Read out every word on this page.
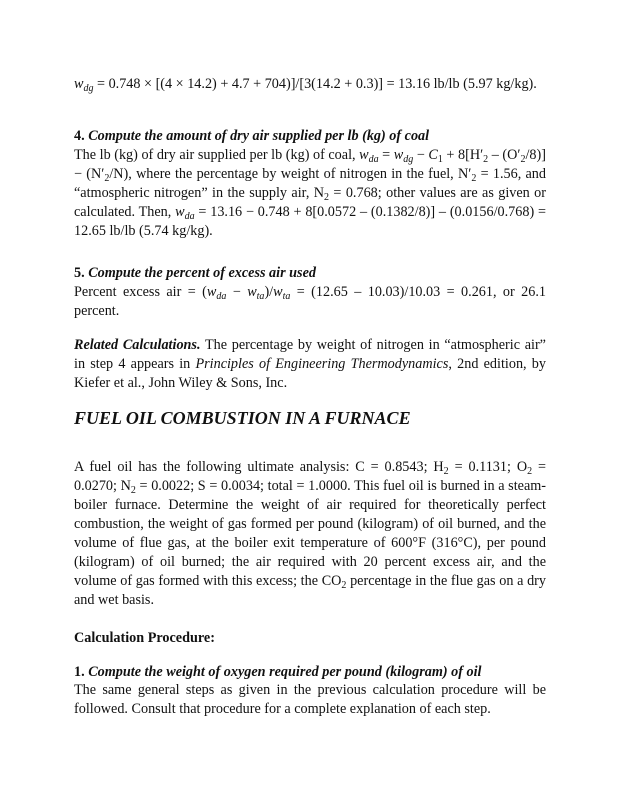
$w_{dg} = 0.748 \times [(4 \times 14.2) + 4.7 + 704)]/[3(14.2 + 0.3)] = 13.16$ lb/lb (5.97 kg/kg).
4. Compute the amount of dry air supplied per lb (kg) of coal
The lb (kg) of dry air supplied per lb (kg) of coal, $w_{da} = w_{dg} - C_1 + 8[H'_2 - (O'_2/8)] - (N'_2/N)$, where the percentage by weight of nitrogen in the fuel, $N'_2 = 1.56$, and “atmospheric nitrogen” in the supply air, $N_2 = 0.768$; other values are as given or calculated. Then, $w_{da} = 13.16 - 0.748 + 8[0.0572 - (0.1382/8)] - (0.0156/0.768) = 12.65$ lb/lb (5.74 kg/kg).
5. Compute the percent of excess air used
Percent excess air = $(w_{da} - w_{ta})/w_{ta} = (12.65 - 10.03)/10.03 = 0.261$, or 26.1 percent.
Related Calculations. The percentage by weight of nitrogen in “atmospheric air” in step 4 appears in Principles of Engineering Thermodynamics, 2nd edition, by Kiefer et al., John Wiley & Sons, Inc.
FUEL OIL COMBUSTION IN A FURNACE
A fuel oil has the following ultimate analysis: C = 0.8543; $H_2 = 0.1131$; $O_2 = 0.0270$; $N_2 = 0.0022$; S = 0.0034; total = 1.0000. This fuel oil is burned in a steam-boiler furnace. Determine the weight of air required for theoretically perfect combustion, the weight of gas formed per pound (kilogram) of oil burned, and the volume of flue gas, at the boiler exit temperature of 600°F (316°C), per pound (kilogram) of oil burned; the air required with 20 percent excess air, and the volume of gas formed with this excess; the $CO_2$ percentage in the flue gas on a dry and wet basis.
Calculation Procedure:
1. Compute the weight of oxygen required per pound (kilogram) of oil
The same general steps as given in the previous calculation procedure will be followed. Consult that procedure for a complete explanation of each step.
